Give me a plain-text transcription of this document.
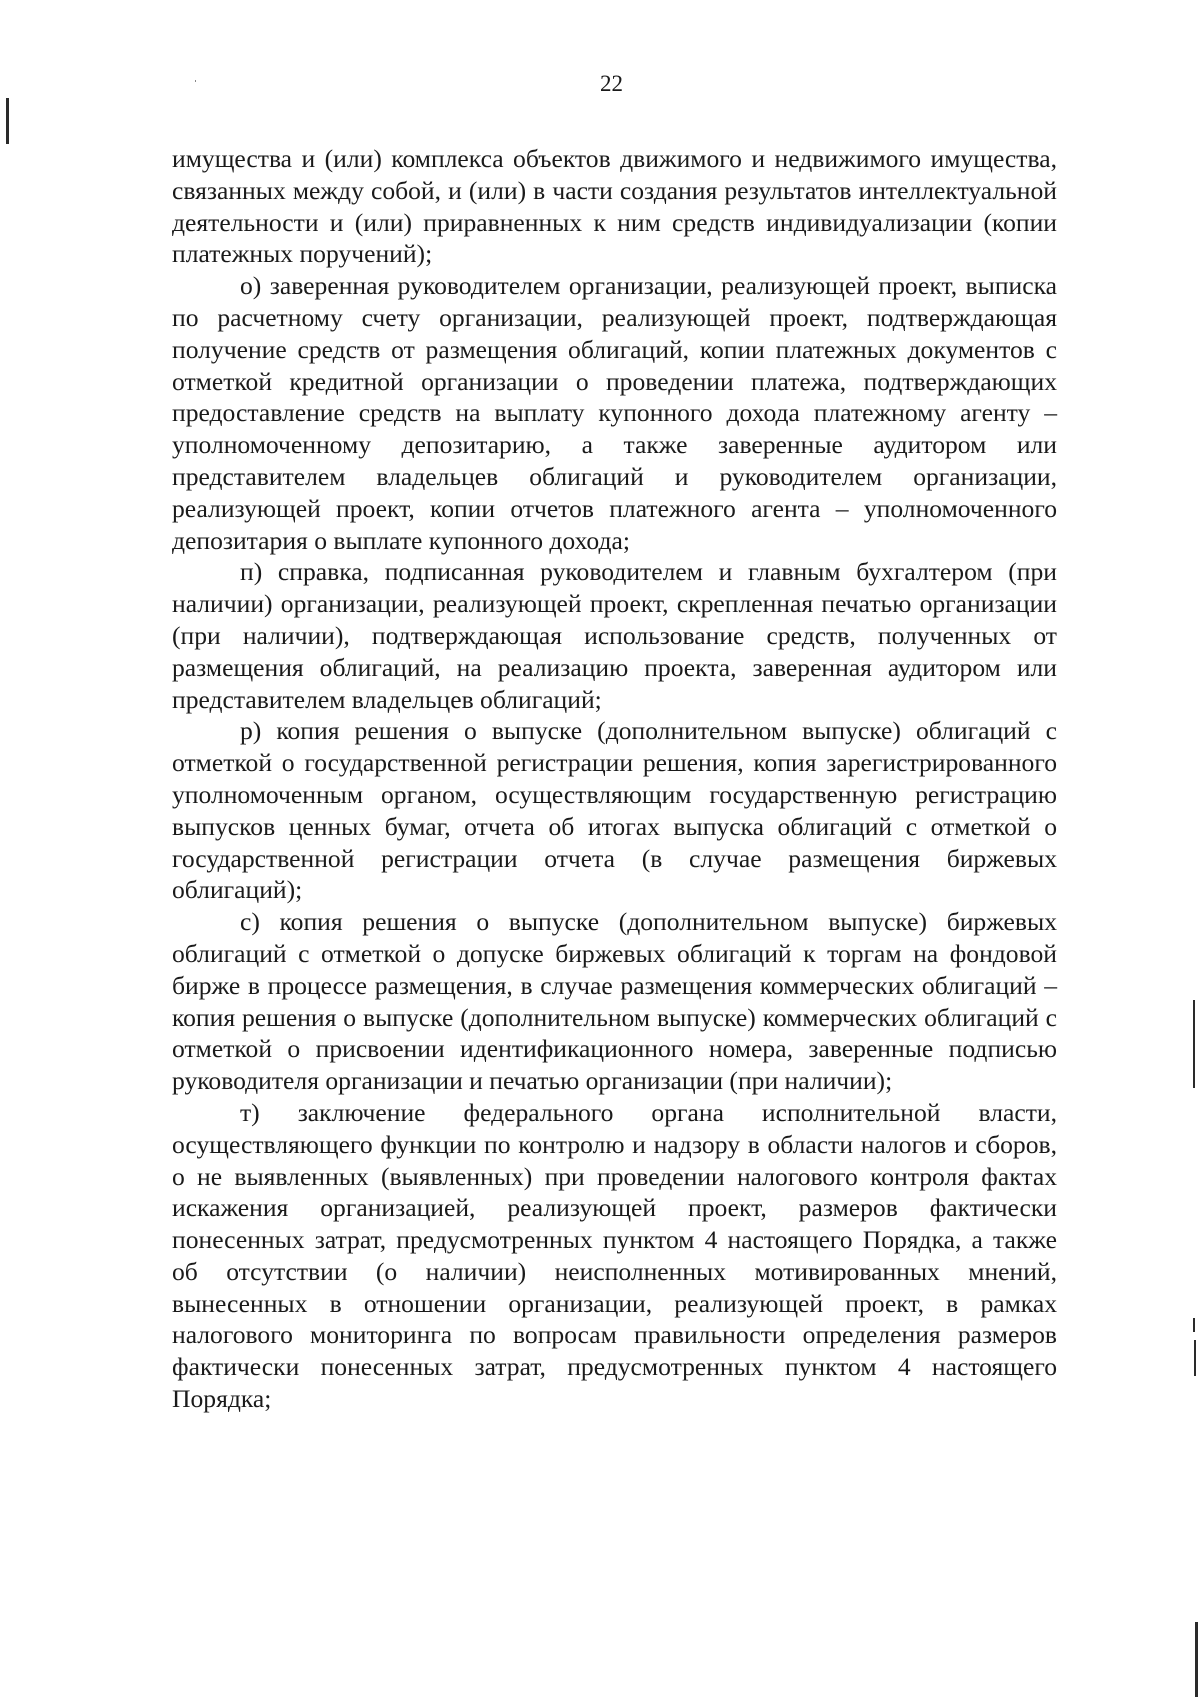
22

имущества и (или) комплекса объектов движимого и недвижимого имущества, связанных между собой, и (или) в части создания результатов интеллектуальной деятельности и (или) приравненных к ним средств индивидуализации (копии платежных поручений);

о) заверенная руководителем организации, реализующей проект, выписка по расчетному счету организации, реализующей проект, подтверждающая получение средств от размещения облигаций, копии платежных документов с отметкой кредитной организации о проведении платежа, подтверждающих предоставление средств на выплату купонного дохода платежному агенту – уполномоченному депозитарию, а также заверенные аудитором или представителем владельцев облигаций и руководителем организации, реализующей проект, копии отчетов платежного агента – уполномоченного депозитария о выплате купонного дохода;

п) справка, подписанная руководителем и главным бухгалтером (при наличии) организации, реализующей проект, скрепленная печатью организации (при наличии), подтверждающая использование средств, полученных от размещения облигаций, на реализацию проекта, заверенная аудитором или представителем владельцев облигаций;

р) копия решения о выпуске (дополнительном выпуске) облигаций с отметкой о государственной регистрации решения, копия зарегистрированного уполномоченным органом, осуществляющим государственную регистрацию выпусков ценных бумаг, отчета об итогах выпуска облигаций с отметкой о государственной регистрации отчета (в случае размещения биржевых облигаций);

с) копия решения о выпуске (дополнительном выпуске) биржевых облигаций с отметкой о допуске биржевых облигаций к торгам на фондовой бирже в процессе размещения, в случае размещения коммерческих облигаций – копия решения о выпуске (дополнительном выпуске) коммерческих облигаций с отметкой о присвоении идентификационного номера, заверенные подписью руководителя организации и печатью организации (при наличии);

т) заключение федерального органа исполнительной власти, осуществляющего функции по контролю и надзору в области налогов и сборов, о не выявленных (выявленных) при проведении налогового контроля фактах искажения организацией, реализующей проект, размеров фактически понесенных затрат, предусмотренных пунктом 4 настоящего Порядка, а также об отсутствии (о наличии) неисполненных мотивированных мнений, вынесенных в отношении организации, реализующей проект, в рамках налогового мониторинга по вопросам правильности определения размеров фактически понесенных затрат, предусмотренных пунктом 4 настоящего Порядка;
